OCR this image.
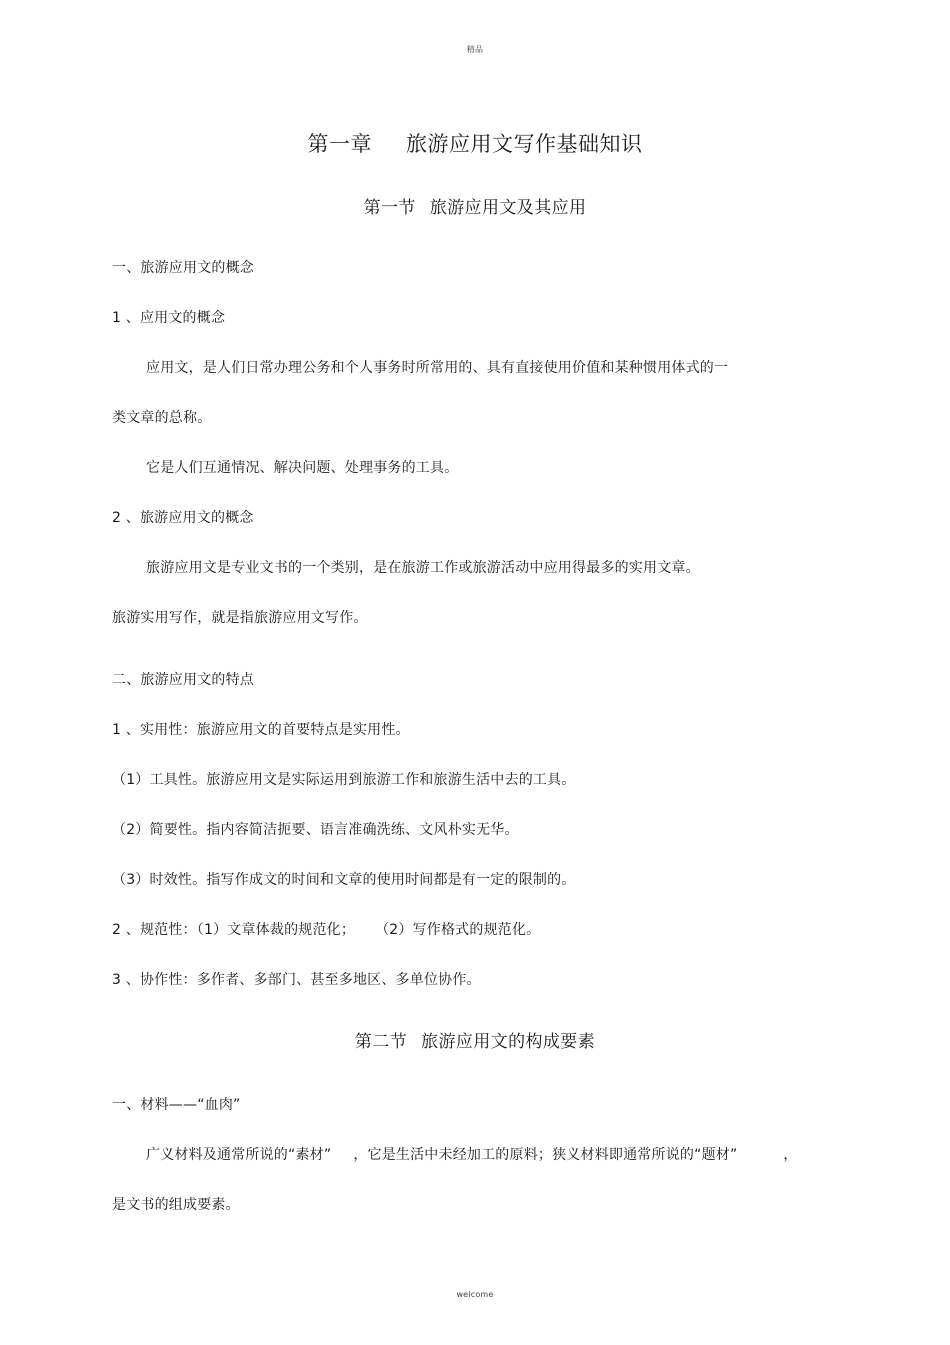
精品
第一章 旅游应用文写作基础知识
第一节 旅游应用文及其应用
一、旅游应用文的概念
1 、应用文的概念
应用文，是人们日常办理公务和个人事务时所常用的、具有直接使用价值和某种惯用体式的一
类文章的总称。
它是人们互通情况、解决问题、处理事务的工具。
2 、旅游应用文的概念
旅游应用文是专业文书的一个类别，是在旅游工作或旅游活动中应用得最多的实用文章。
旅游实用写作，就是指旅游应用文写作。
二、旅游应用文的特点
1 、实用性：旅游应用文的首要特点是实用性。
（1）工具性。旅游应用文是实际运用到旅游工作和旅游生活中去的工具。
（2）简要性。指内容简洁扼要、语言准确洗练、文风朴实无华。
（3）时效性。指写作成文的时间和文章的使用时间都是有一定的限制的。
2 、规范性：（1）文章体裁的规范化； （2）写作格式的规范化。
3 、协作性：多作者、多部门、甚至多地区、多单位协作。
第二节 旅游应用文的构成要素
一、材料——“血肉”
广义材料及通常所说的“素材” ，它是生活中未经加工的原料；狭义材料即通常所说的“题材”	，
是文书的组成要素。
welcome
